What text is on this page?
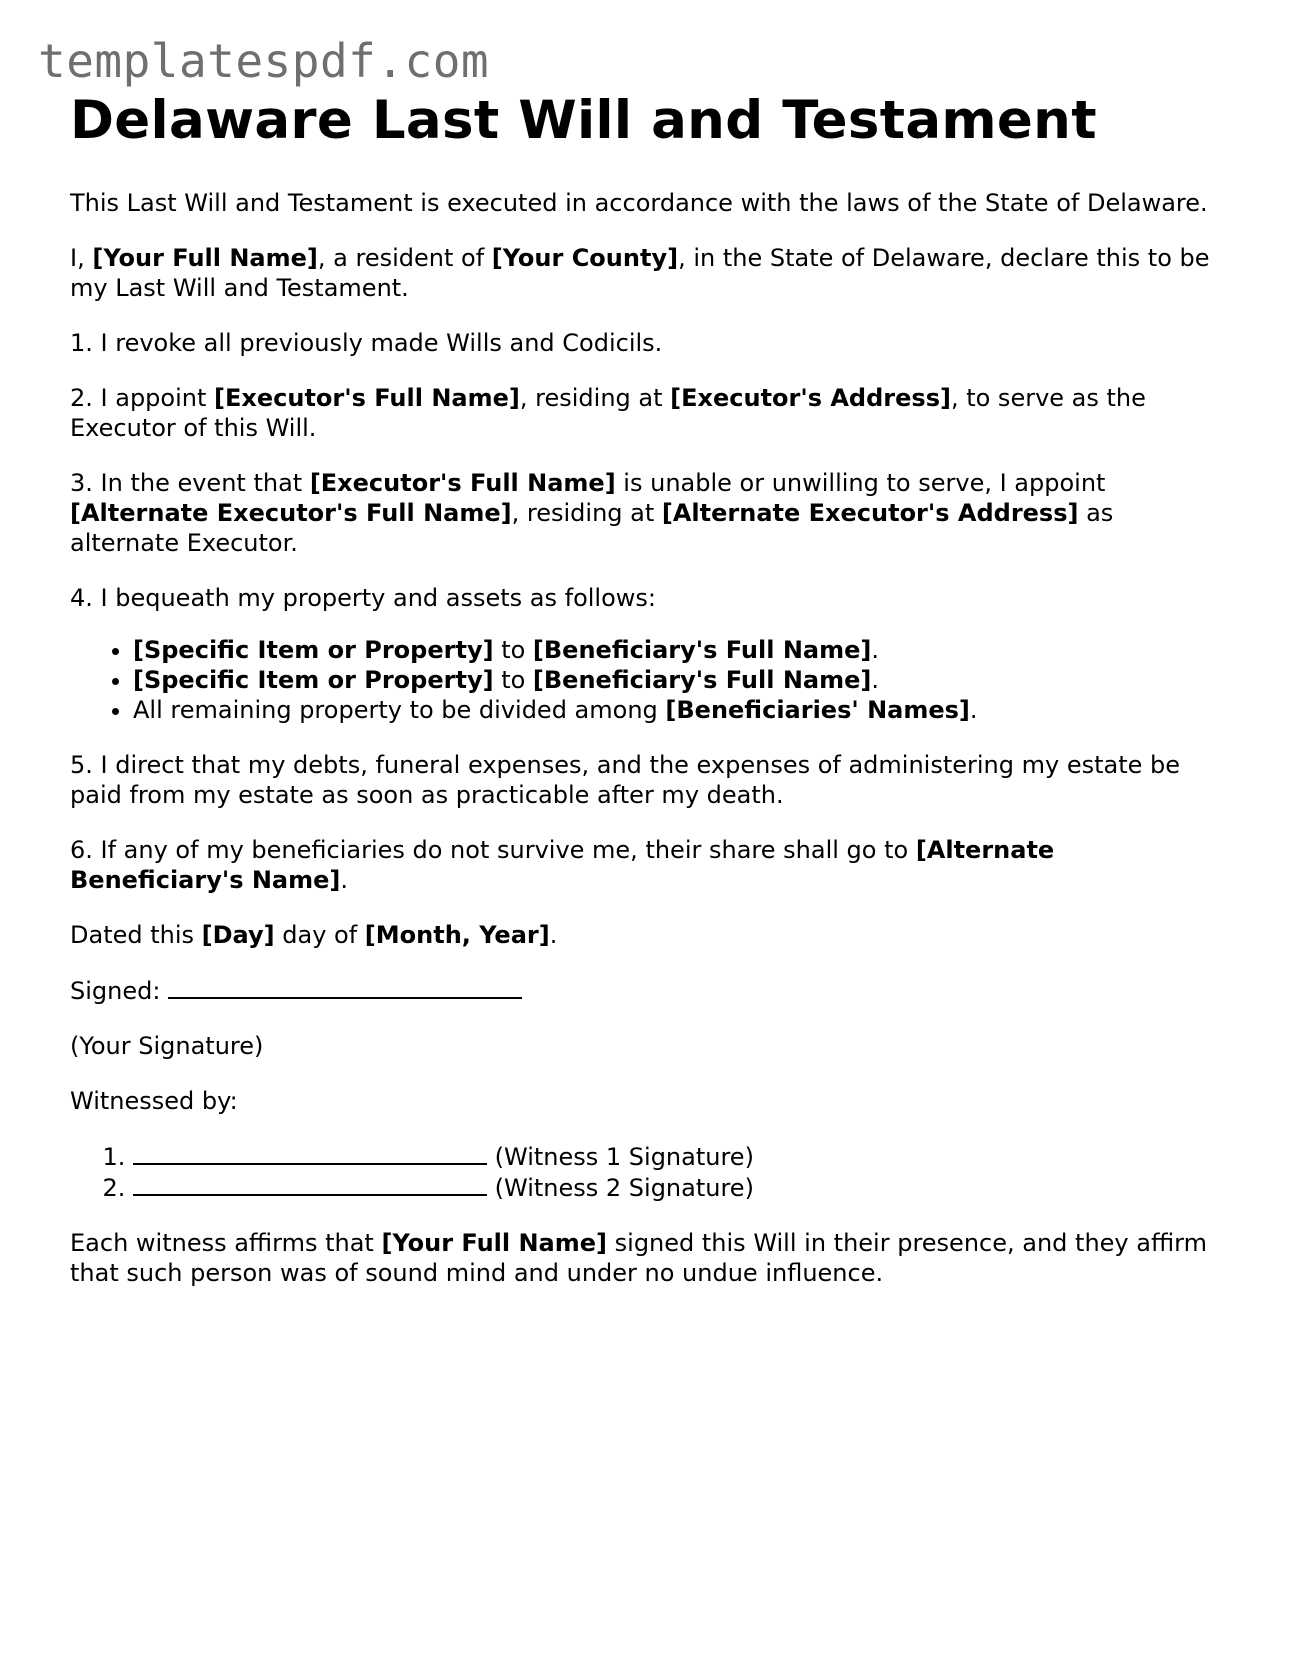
templatespdf.com
Delaware Last Will and Testament

This Last Will and Testament is executed in accordance with the laws of the State of Delaware.

I, [Your Full Name], a resident of [Your County], in the State of Delaware, declare this to be my Last Will and Testament.

1. I revoke all previously made Wills and Codicils.

2. I appoint [Executor's Full Name], residing at [Executor's Address], to serve as the Executor of this Will.

3. In the event that [Executor's Full Name] is unable or unwilling to serve, I appoint [Alternate Executor's Full Name], residing at [Alternate Executor's Address] as alternate Executor.

4. I bequeath my property and assets as follows:

• [Specific Item or Property] to [Beneficiary's Full Name].
• [Specific Item or Property] to [Beneficiary's Full Name].
• All remaining property to be divided among [Beneficiaries' Names].

5. I direct that my debts, funeral expenses, and the expenses of administering my estate be paid from my estate as soon as practicable after my death.

6. If any of my beneficiaries do not survive me, their share shall go to [Alternate Beneficiary's Name].

Dated this [Day] day of [Month, Year].

Signed:

(Your Signature)

Witnessed by:

1. (Witness 1 Signature)
2. (Witness 2 Signature)

Each witness affirms that [Your Full Name] signed this Will in their presence, and they affirm that such person was of sound mind and under no undue influence.
